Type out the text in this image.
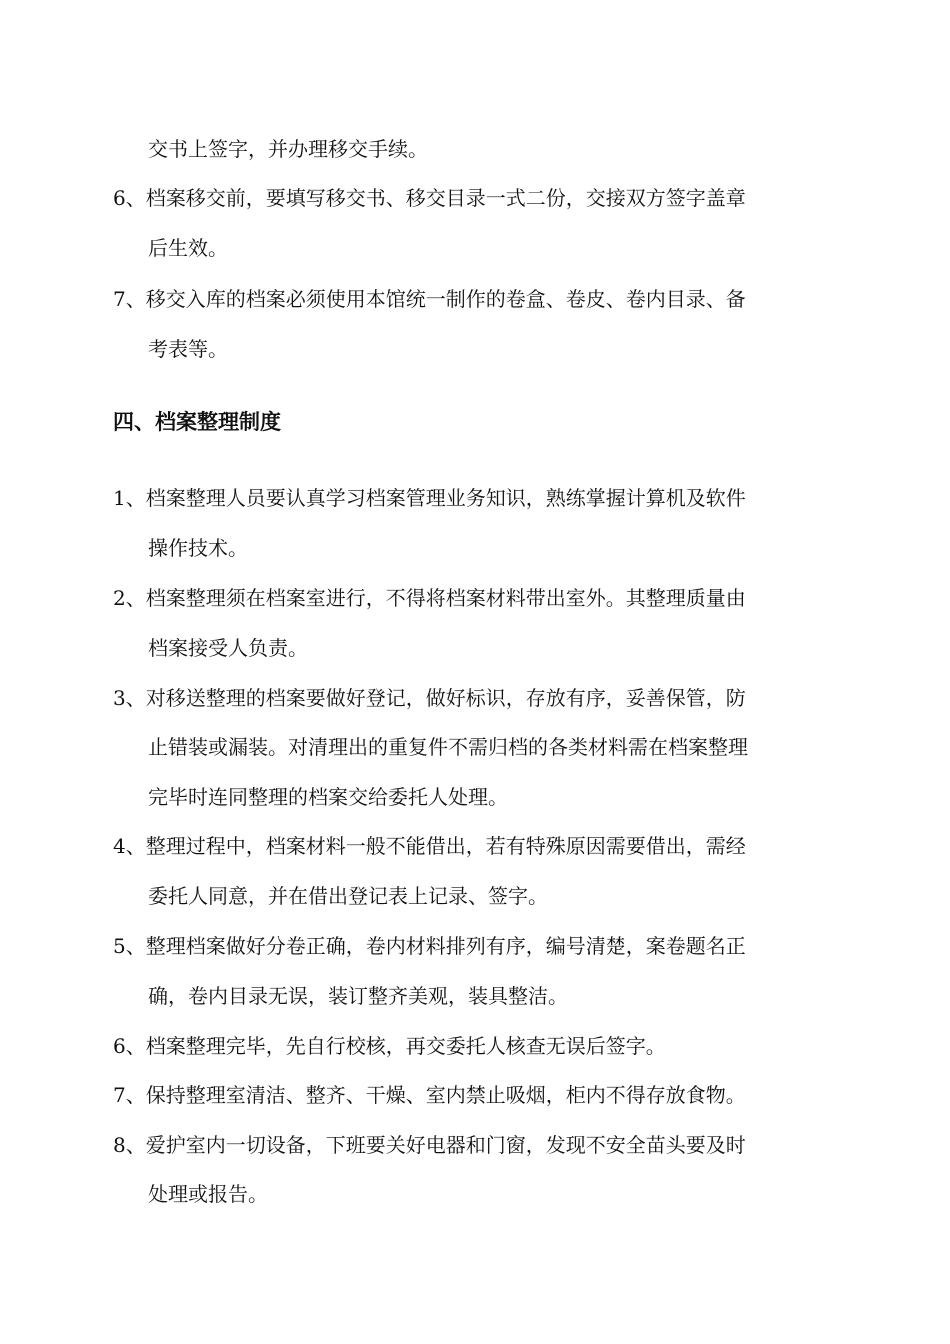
交书上签字，并办理移交手续。
6、档案移交前，要填写移交书、移交目录一式二份，交接双方签字盖章
后生效。
7、移交入库的档案必须使用本馆统一制作的卷盒、卷皮、卷内目录、备
考表等。
四、档案整理制度
1、档案整理人员要认真学习档案管理业务知识，熟练掌握计算机及软件
操作技术。
2、档案整理须在档案室进行，不得将档案材料带出室外。其整理质量由
档案接受人负责。
3、对移送整理的档案要做好登记，做好标识，存放有序，妥善保管，防
止错装或漏装。对清理出的重复件不需归档的各类材料需在档案整理
完毕时连同整理的档案交给委托人处理。
4、整理过程中，档案材料一般不能借出，若有特殊原因需要借出，需经
委托人同意，并在借出登记表上记录、签字。
5、整理档案做好分卷正确，卷内材料排列有序，编号清楚，案卷题名正
确，卷内目录无误，装订整齐美观，装具整洁。
6、档案整理完毕，先自行校核，再交委托人核查无误后签字。
7、保持整理室清洁、整齐、干燥、室内禁止吸烟，柜内不得存放食物。
8、爱护室内一切设备，下班要关好电器和门窗，发现不安全苗头要及时
处理或报告。
